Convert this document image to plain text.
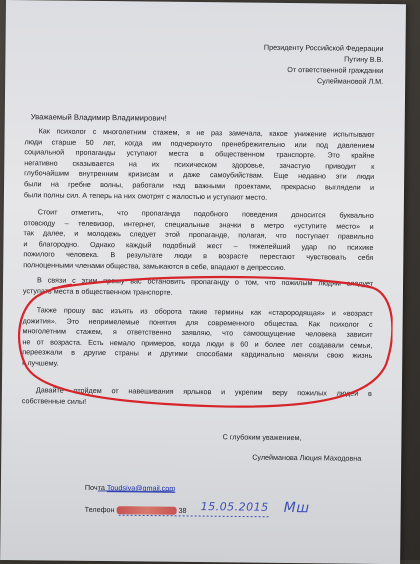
Президенту Российской Федерации
Путину В.В.
От ответственной гражданки
Сулеймановой Л.М.
Уважаемый Владимир Владимирович!
Как психолог с многолетним стажем, я не раз замечала, какое унижение испытывают
люди старше 50 лет, когда им подчеркнуто пренебрежительно или под давлением
социальной пропаганды уступают места в общественном транспорте. Это крайне
негативно сказывается на их психическом здоровье, зачастую приводит к
глубочайшим внутренним кризисам и даже самоубийствам. Еще недавно эти люди
были на гребне волны, работали над важными проектами, прекрасно выглядели и
были полны сил. А теперь на них смотрят с жалостью и уступают место.
Стоит отметить, что пропаганда подобного поведения доносится буквально
отовсюду – телевизор, интернет, специальные значки в метро «уступите место» и
так далее, и молодежь следует этой пропаганде, полагая, что поступает правильно
и благородно. Однако каждый подобный жест – тяжелейший удар по психике
пожилого человека. В результате люди в возрасте перестают чувствовать себя
полноценными членами общества, замыкаются в себе, впадают в депрессию.
В связи с этим прошу вас остановить пропаганду о том, что пожилым людям следует
уступать места в общественном транспорте.
Также прошу вас изъять из оборота такие термины как «старородящая» и «возраст
дожития». Это непримелемые понятия для современного общества. Как психолог с
многолетним стажем, я ответственно заявляю, что самоощущение человека зависит
не от возраста. Есть немало примеров, когда люди в 60 и более лет создавали семьи,
переезжали в другие страны и другими способами кардинально меняли свою жизнь
к лучшему.
Давайте отойдем от навешивания ярлыков и укрепим веру пожилых людей в
собственные силы!
С глубоким уважением,
Сулейманова Люция Маходовна
Почта Toudsiya@gmail.com
Телефон	38 15.05.2015 Мш
